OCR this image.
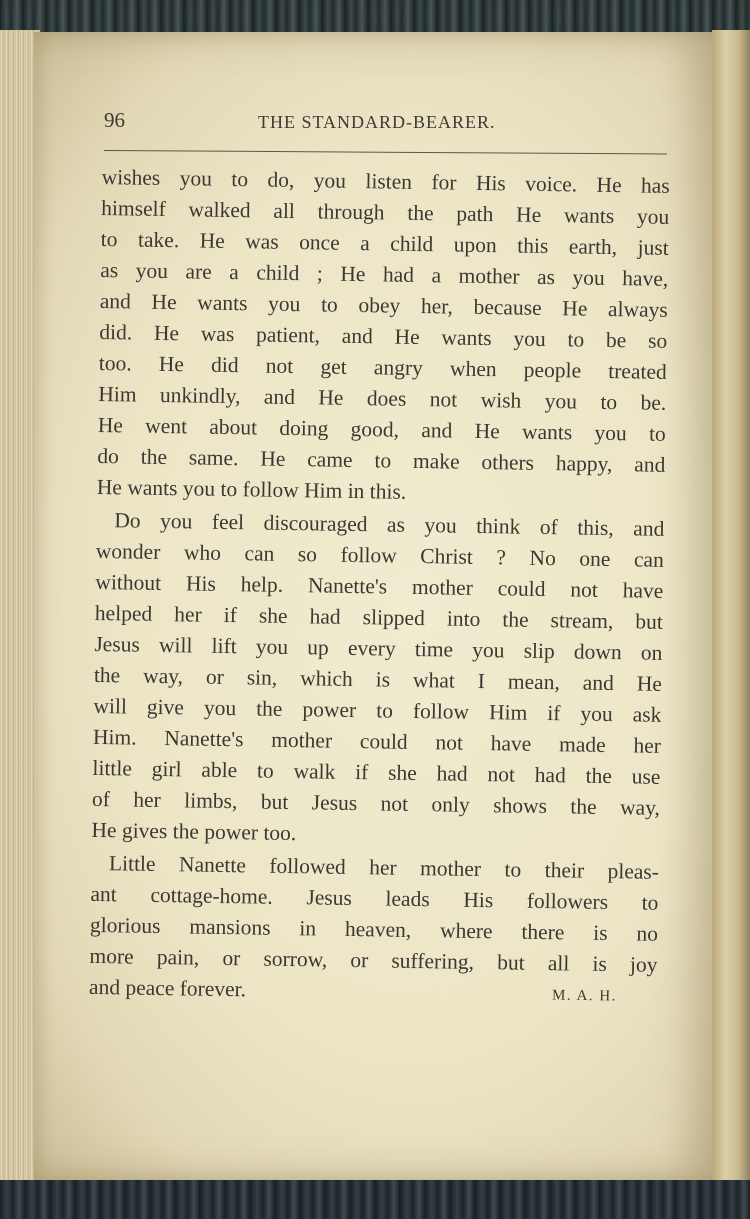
96	THE STANDARD-BEARER.
wishes you to do, you listen for His voice. He has
himself walked all through the path He wants you
to take. He was once a child upon this earth, just
as you are a child ; He had a mother as you have,
and He wants you to obey her, because He always
did. He was patient, and He wants you to be so
too. He did not get angry when people treated
Him unkindly, and He does not wish you to be.
He went about doing good, and He wants you to
do the same. He came to make others happy, and
He wants you to follow Him in this.
Do you feel discouraged as you think of this, and
wonder who can so follow Christ ? No one can
without His help. Nanette's mother could not have
helped her if she had slipped into the stream, but
Jesus will lift you up every time you slip down on
the way, or sin, which is what I mean, and He
will give you the power to follow Him if you ask
Him. Nanette's mother could not have made her
little girl able to walk if she had not had the use
of her limbs, but Jesus not only shows the way,
He gives the power too.
Little Nanette followed her mother to their pleas-
ant cottage-home. Jesus leads His followers to
glorious mansions in heaven, where there is no
more pain, or sorrow, or suffering, but all is joy
and peace forever.	M. A. H.
